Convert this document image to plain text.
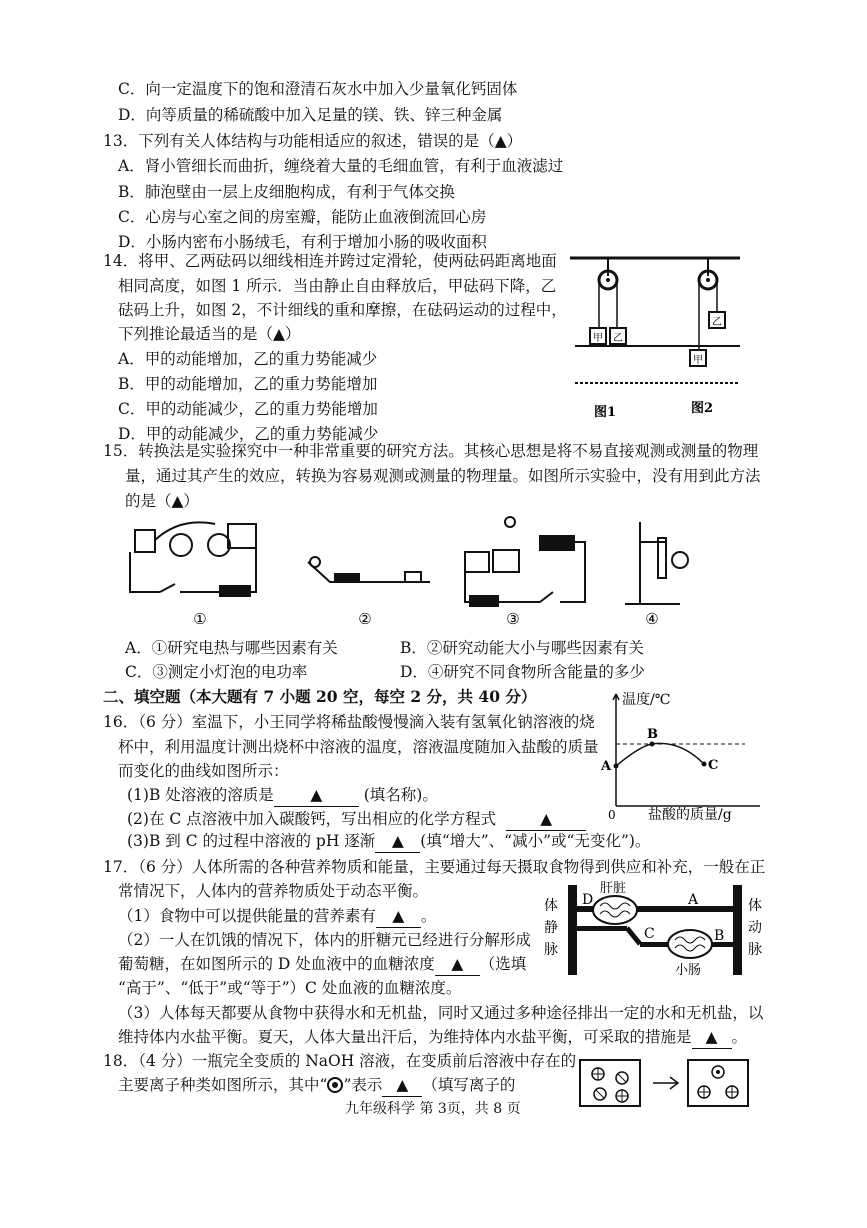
C．向一定温度下的饱和澄清石灰水中加入少量氧化钙固体
D．向等质量的稀硫酸中加入足量的镁、铁、锌三种金属
13．下列有关人体结构与功能相适应的叙述，错误的是（▲）
A．肾小管细长而曲折，缠绕着大量的毛细血管，有利于血液滤过
B．肺泡壁由一层上皮细胞构成，有利于气体交换
C．心房与心室之间的房室瓣，能防止血液倒流回心房
D．小肠内密布小肠绒毛，有利于增加小肠的吸收面积
14．将甲、乙两砝码以细线相连并跨过定滑轮，使两砝码距离地面
相同高度，如图 1 所示．当由静止自由释放后，甲砝码下降，乙
砝码上升，如图 2，不计细线的重和摩擦，在砝码运动的过程中，
下列推论最适当的是（▲）
A．甲的动能增加，乙的重力势能减少
B．甲的动能增加，乙的重力势能增加
C．甲的动能减少，乙的重力势能增加
D．甲的动能减少，乙的重力势能减少
甲 乙
乙
甲
图1	图2
15．转换法是实验探究中一种非常重要的研究方法。其核心思想是将不易直接观测或测量的物理
量，通过其产生的效应，转换为容易观测或测量的物理量。如图所示实验中，没有用到此方法
的是（▲）
①	②	③	④
A．①研究电热与哪些因素有关	B．②研究动能大小与哪些因素有关
C．③测定小灯泡的电功率	D．④研究不同食物所含能量的多少
二、填空题（本大题有 7 小题 20 空，每空 2 分，共 40 分）
16．（6 分）室温下，小王同学将稀盐酸慢慢滴入装有氢氧化钠溶液的烧
杯中，利用温度计测出烧杯中溶液的温度，溶液温度随加入盐酸的质量
而变化的曲线如图所示：
(1)B 处溶液的溶质是 ▲	(填名称)。
(2)在 C 点溶液中加入碳酸钙，写出相应的化学方程式	▲
(3)B 到 C 的过程中溶液的 pH 逐渐 ▲ (填“增大”、“减小”或“无变化”)。
温度/℃
A
B
C
0 盐酸的质量/g
17．（6 分）人体所需的各种营养物质和能量，主要通过每天摄取食物得到供应和补充，一般在正
常情况下，人体内的营养物质处于动态平衡。
（1）食物中可以提供能量的营养素有 ▲ 。
（2）一人在饥饿的情况下，体内的肝糖元已经进行分解形成
葡萄糖，在如图所示的 D 处血液中的血糖浓度 ▲ （选填
“高于”、“低于”或“等于”）C 处血液的血糖浓度。
（3）人体每天都要从食物中获得水和无机盐，同时又通过多种途径排出一定的水和无机盐，以
维持体内水盐平衡。夏天，人体大量出汗后，为维持体内水盐平衡，可采取的措施是 ▲ 。
肝脏
小肠
体
静
脉
体
动
脉
D	A
C	B
18．（4 分）一瓶完全变质的 NaOH 溶液，在变质前后溶液中存在的
主要离子种类如图所示，其中“ ”表示 ▲ （填写离子的
九年级科学 第 3页，共 8 页
